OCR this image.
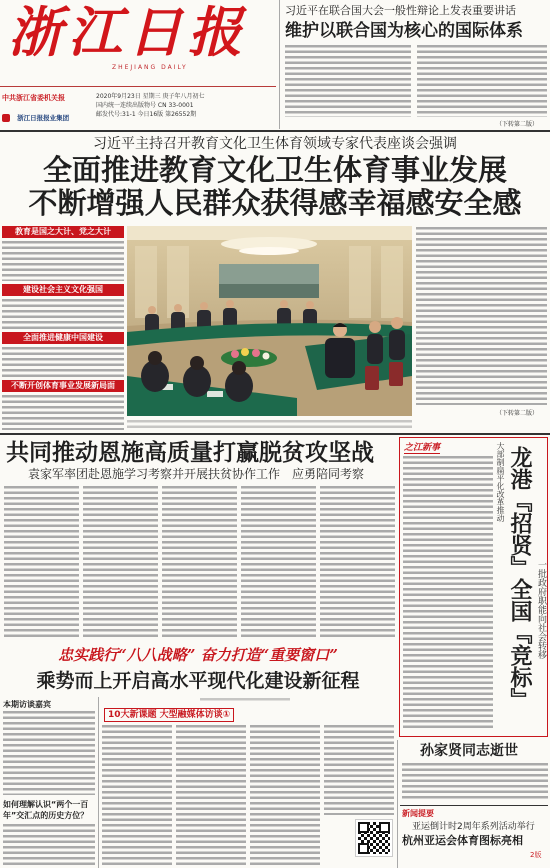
浙江日报
ZHEJIANG DAILY
中共浙江省委机关报
浙江日报报业集团
2020年9月23日 星期三 庚子年八月初七
国内统一连续出版物号 CN 33-0001
邮发代号:31-1 今日16版 第26552期
习近平在联合国大会一般性辩论上发表重要讲话
维护以联合国为核心的国际体系
（下转第二版）
习近平主持召开教育文化卫生体育领域专家代表座谈会强调
全面推进教育文化卫生体育事业发展
不断增强人民群众获得感幸福感安全感
教育是国之大计、党之大计
建设社会主义文化强国
全面推进健康中国建设
不断开创体育事业发展新局面
（下转第二版）
共同推动恩施高质量打赢脱贫攻坚战
袁家军率团赴恩施学习考察并开展扶贫协作工作　应勇陪同考察
之江新事	大部制扁平化改革推动 龙港『招贤』全国『竞标』 一批政府职能向社会转移
忠实践行“八八战略” 奋力打造“重要窗口”
乘势而上开启高水平现代化建设新征程
本期访谈嘉宾
如何理解认识“两个一百年”交汇点的历史方位？
10大新课题 大型融媒体访谈①
孙家贤同志逝世
新闻提要
亚运倒计时2周年系列活动举行
杭州亚运会体育图标亮相
2版
